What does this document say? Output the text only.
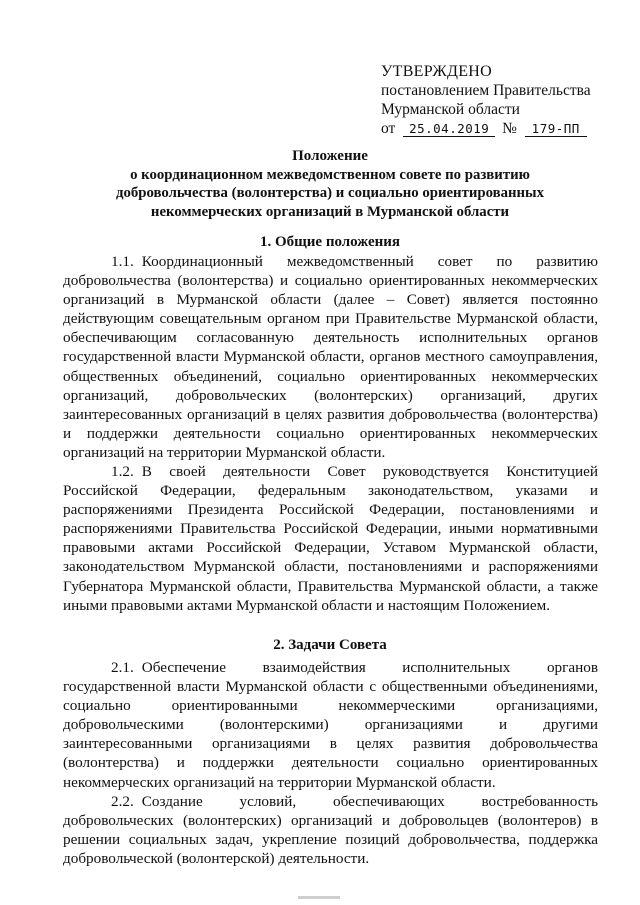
УТВЕРЖДЕНО
постановлением Правительства
Мурманской области
от 25.04.2019 № 179-ПП
Положение
о координационном межведомственном совете по развитию
добровольчества (волонтерства) и социально ориентированных
некоммерческих организаций в Мурманской области
1. Общие положения
1.1. Координационный межведомственный совет по развитию добровольчества (волонтерства) и социально ориентированных некоммерческих организаций в Мурманской области (далее – Совет) является постоянно действующим совещательным органом при Правительстве Мурманской области, обеспечивающим согласованную деятельность исполнительных органов государственной власти Мурманской области, органов местного самоуправления, общественных объединений, социально ориентированных некоммерческих организаций, добровольческих (волонтерских) организаций, других заинтересованных организаций в целях развития добровольчества (волонтерства) и поддержки деятельности социально ориентированных некоммерческих организаций на территории Мурманской области.
1.2. В своей деятельности Совет руководствуется Конституцией Российской Федерации, федеральным законодательством, указами и распоряжениями Президента Российской Федерации, постановлениями и распоряжениями Правительства Российской Федерации, иными нормативными правовыми актами Российской Федерации, Уставом Мурманской области, законодательством Мурманской области, постановлениями и распоряжениями Губернатора Мурманской области, Правительства Мурманской области, а также иными правовыми актами Мурманской области и настоящим Положением.
2. Задачи Совета
2.1. Обеспечение взаимодействия исполнительных органов государственной власти Мурманской области с общественными объединениями, социально ориентированными некоммерческими организациями, добровольческими (волонтерскими) организациями и другими заинтересованными организациями в целях развития добровольчества (волонтерства) и поддержки деятельности социально ориентированных некоммерческих организаций на территории Мурманской области.
2.2. Создание условий, обеспечивающих востребованность добровольческих (волонтерских) организаций и добровольцев (волонтеров) в решении социальных задач, укрепление позиций добровольчества, поддержка добровольческой (волонтерской) деятельности.
